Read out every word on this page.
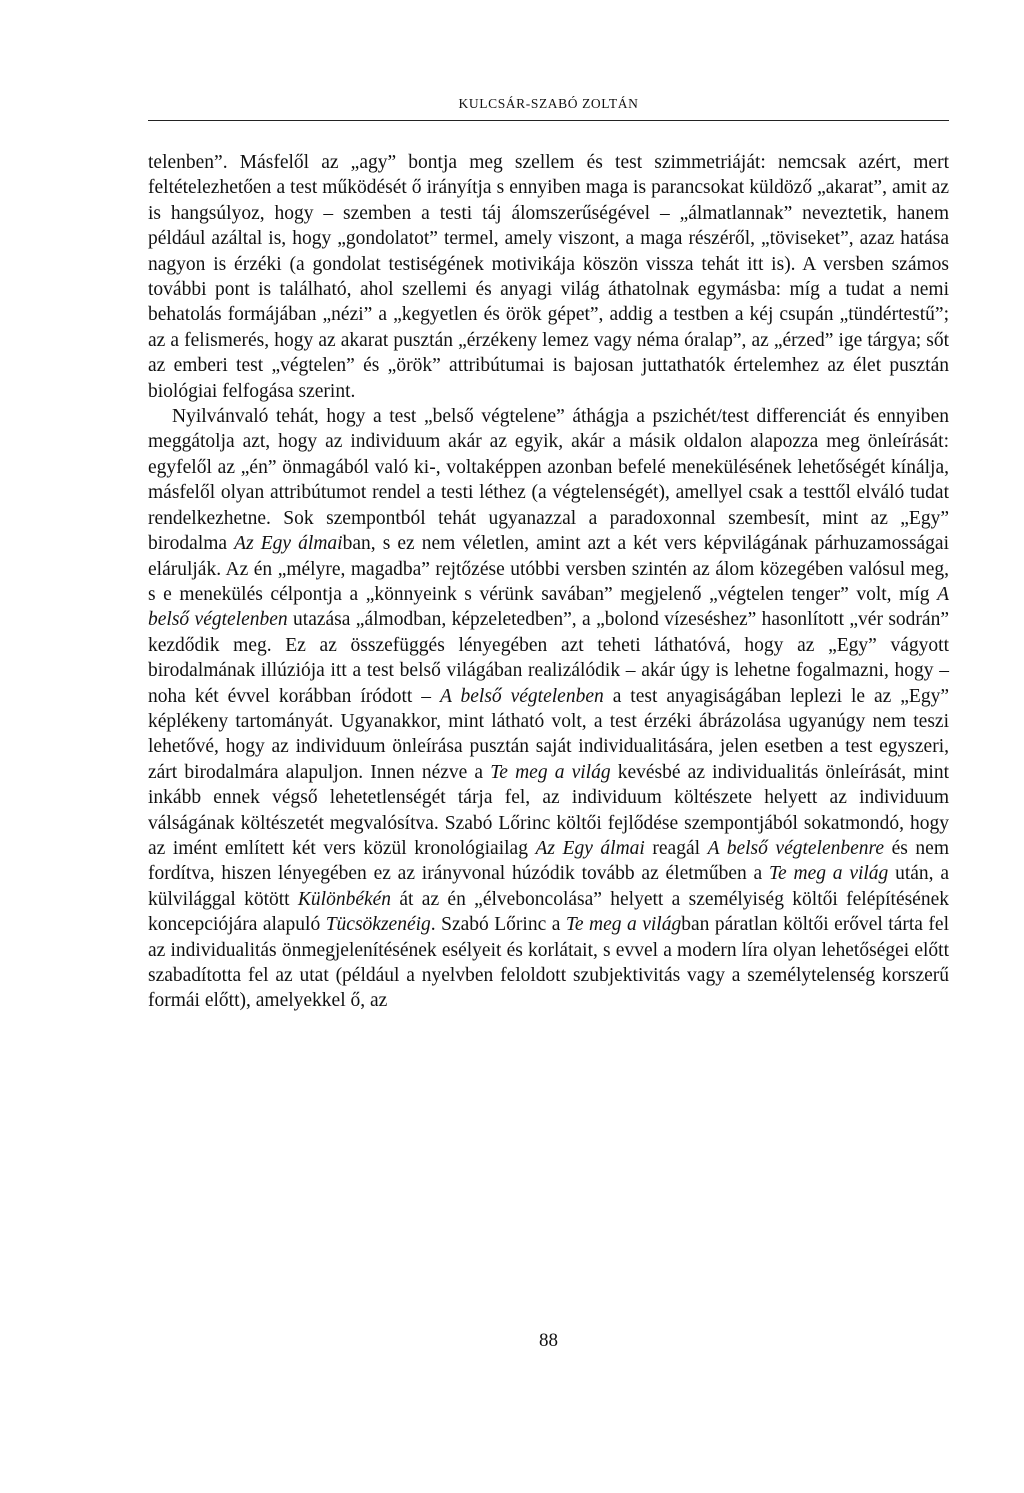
KULCSÁR-SZABÓ ZOLTÁN

telenben”. Másfelől az „agy” bontja meg szellem és test szimmetriáját: nemcsak azért, mert feltételezhetően a test működését ő irányítja s ennyiben maga is parancsokat küldöző „akarat”, amit az is hangsúlyoz, hogy – szemben a testi táj álomszerűségével – „álmatlannak” neveztetik, hanem például azáltal is, hogy „gondolatot” termel, amely viszont, a maga részéről, „töviseket”, azaz hatása nagyon is érzéki (a gondolat testiségének motivikája köszön vissza tehát itt is). A versben számos további pont is található, ahol szellemi és anyagi világ áthatolnak egymásba: míg a tudat a nemi behatolás formájában „nézi” a „kegyetlen és örök gépet”, addig a testben a kéj csupán „tündértestű”; az a felismerés, hogy az akarat pusztán „érzékeny lemez vagy néma óralap”, az „érzed” ige tárgya; sőt az emberi test „végtelen” és „örök” attribútumai is bajosan juttathatók értelemhez az élet pusztán biológiai felfogása szerint.

Nyilvánvaló tehát, hogy a test „belső végtelene” áthágja a pszichét/test differenciát és ennyiben meggátolja azt, hogy az individuum akár az egyik, akár a másik oldalon alapozza meg önleírását: egyfelől az „én” önmagából való ki-, voltaképpen azonban befelé menekülésének lehetőségét kínálja, másfelől olyan attribútumot rendel a testi léthez (a végtelenségét), amellyel csak a testtől elváló tudat rendelkezhetne. Sok szempontból tehát ugyanazzal a paradoxonnal szembesít, mint az „Egy” birodalma Az Egy álmaiban, s ez nem véletlen, amint azt a két vers képvilágának párhuzamosságai elárulják. Az én „mélyre, magadba” rejtőzése utóbbi versben szintén az álom közegében valósul meg, s e menekülés célpontja a „könnyeink s vérünk savában” megjelenő „végtelen tenger” volt, míg A belső végtelenben utazása „álmodban, képzeletedben”, a „bolond vízeséshez” hasonlított „vér sodrán” kezdődik meg. Ez az összefüggés lényegében azt teheti láthatóvá, hogy az „Egy” vágyott birodalmának illúziója itt a test belső világában realizálódik – akár úgy is lehetne fogalmazni, hogy – noha két évvel korábban íródott – A belső végtelenben a test anyagiságában leplezi le az „Egy” képlékeny tartományát. Ugyanakkor, mint látható volt, a test érzéki ábrázolása ugyanúgy nem teszi lehetővé, hogy az individuum önleírása pusztán saját individualitására, jelen esetben a test egyszeri, zárt birodalmára alapuljon. Innen nézve a Te meg a világ kevésbé az individualitás önleírását, mint inkább ennek végső lehetetlenségét tárja fel, az individuum költészete helyett az individuum válságának költészetét megvalósítva. Szabó Lőrinc költői fejlődése szempontjából sokatmondó, hogy az imént említett két vers közül kronológiailag Az Egy álmai reagál A belső végtelenbenre és nem fordítva, hiszen lényegében ez az irányvonal húzódik tovább az életműben a Te meg a világ után, a külvilággal kötött Különbékén át az én „élveboncolása” helyett a személyiség költői felépítésének koncepciójára alapuló Tücsökzenéig. Szabó Lőrinc a Te meg a világban páratlan költői erővel tárta fel az individualitás önmegjelenítésének esélyeit és korlátait, s evvel a modern líra olyan lehetőségei előtt szabadította fel az utat (például a nyelvben feloldott szubjektivitás vagy a személytelenség korszerű formái előtt), amelyekkel ő, az

88
